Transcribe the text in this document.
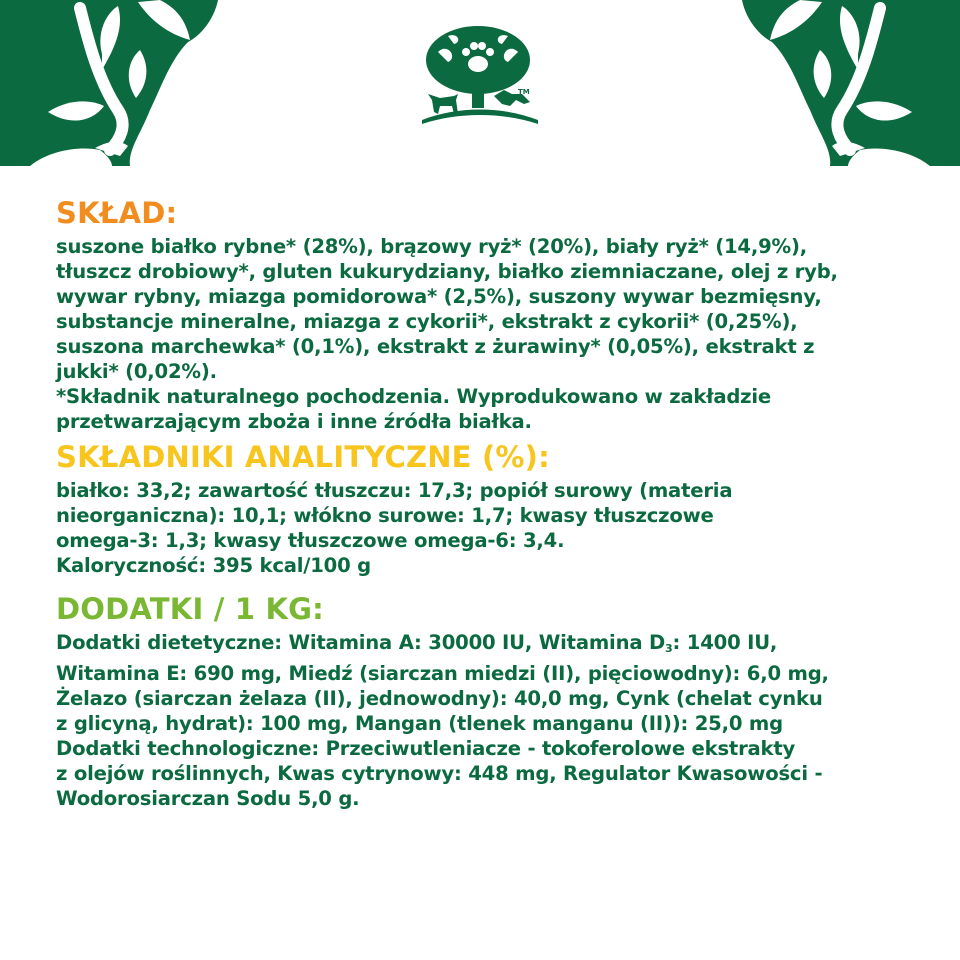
TM
SKŁAD:

suszone białko rybne* (28%), brązowy ryż* (20%), biały ryż* (14,9%),
tłuszcz drobiowy*, gluten kukurydziany, białko ziemniaczane, olej z ryb,
wywar rybny, miazga pomidorowa* (2,5%), suszony wywar bezmięsny,
substancje mineralne, miazga z cykorii*, ekstrakt z cykorii* (0,25%),
suszona marchewka* (0,1%), ekstrakt z żurawiny* (0,05%), ekstrakt z
jukki* (0,02%).
*Składnik naturalnego pochodzenia. Wyprodukowano w zakładzie
przetwarzającym zboża i inne źródła białka.

SKŁADNIKI ANALITYCZNE (%):

białko: 33,2; zawartość tłuszczu: 17,3; popiół surowy (materia
nieorganiczna): 10,1; włókno surowe: 1,7; kwasy tłuszczowe
omega-3: 1,3; kwasy tłuszczowe omega-6: 3,4.
Kaloryczność: 395 kcal/100 g

DODATKI / 1 KG:

Dodatki dietetyczne: Witamina A: 30000 IU, Witamina $D_3$: 1400 IU,
Witamina E: 690 mg, Miedź (siarczan miedzi (II), pięciowodny): 6,0 mg,
Żelazo (siarczan żelaza (II), jednowodny): 40,0 mg, Cynk (chelat cynku
z glicyną, hydrat): 100 mg, Mangan (tlenek manganu (II)): 25,0 mg
Dodatki technologiczne: Przeciwutleniacze - tokoferolowe ekstrakty
z olejów roślinnych, Kwas cytrynowy: 448 mg, Regulator Kwasowości -
Wodorosiarczan Sodu 5,0 g.
